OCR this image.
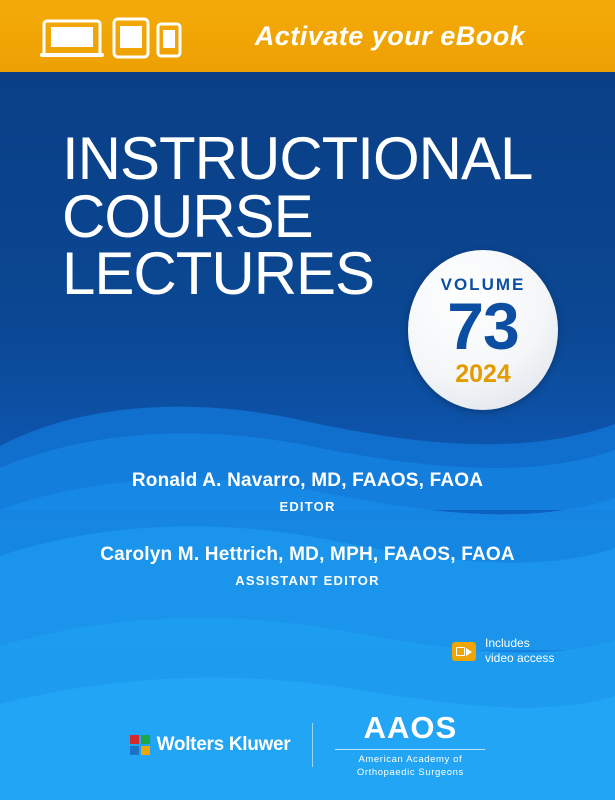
Activate your eBook
INSTRUCTIONAL
COURSE
LECTURES	VOLUME
73
2024
Ronald A. Navarro, MD, FAAOS, FAOA
EDITOR
Carolyn M. Hettrich, MD, MPH, FAAOS, FAOA
ASSISTANT EDITOR
Includes
video access
Wolters Kluwer	AAOS
American Academy of
Orthopaedic Surgeons
